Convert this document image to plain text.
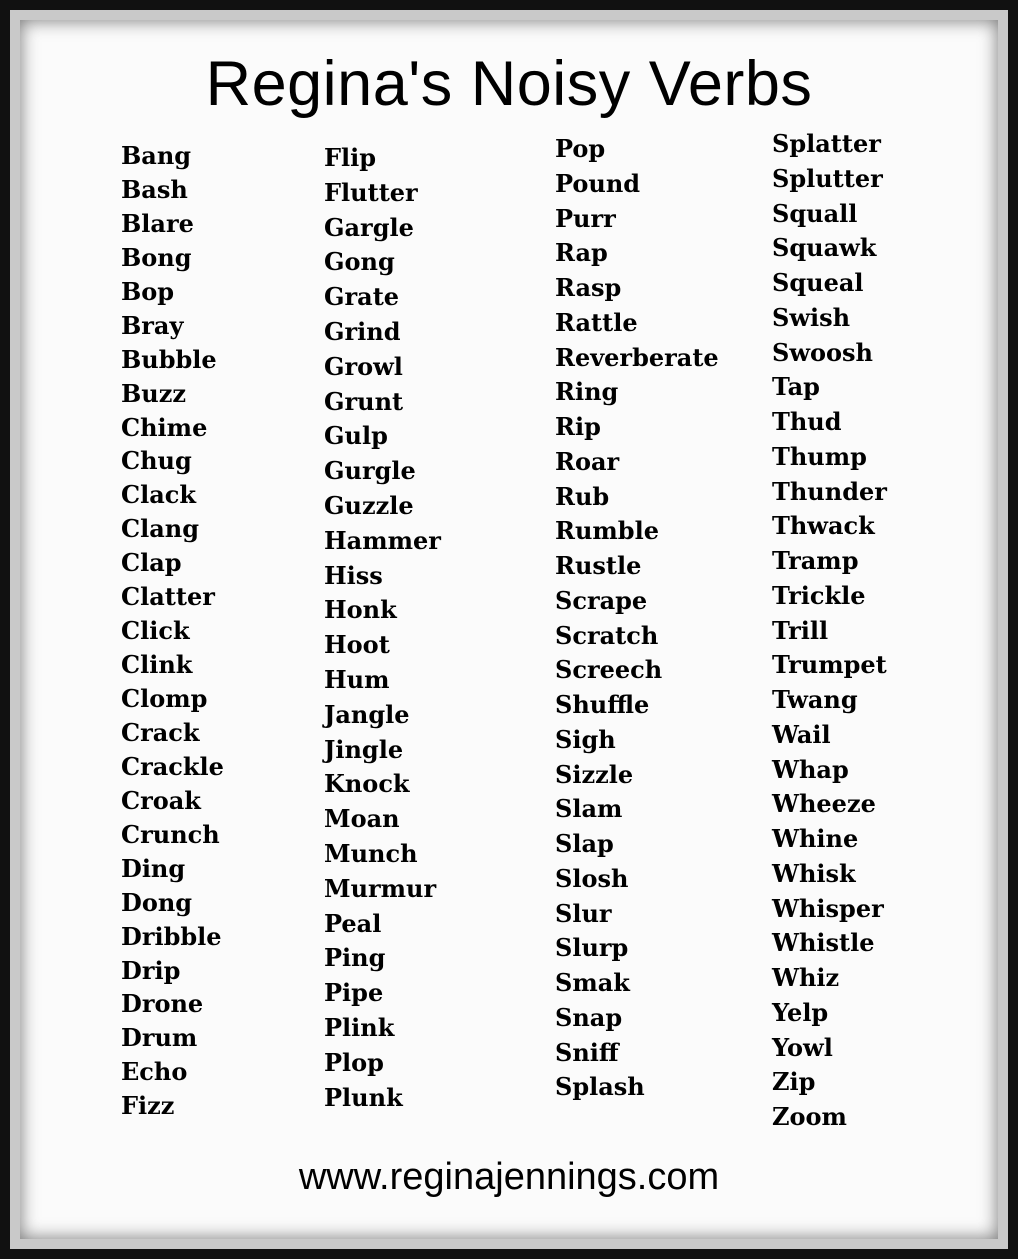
Regina's Noisy Verbs
Bang
Bash
Blare
Bong
Bop
Bray
Bubble
Buzz
Chime
Chug
Clack
Clang
Clap
Clatter
Click
Clink
Clomp
Crack
Crackle
Croak
Crunch
Ding
Dong
Dribble
Drip
Drone
Drum
Echo
Fizz
Flip
Flutter
Gargle
Gong
Grate
Grind
Growl
Grunt
Gulp
Gurgle
Guzzle
Hammer
Hiss
Honk
Hoot
Hum
Jangle
Jingle
Knock
Moan
Munch
Murmur
Peal
Ping
Pipe
Plink
Plop
Plunk
Pop
Pound
Purr
Rap
Rasp
Rattle
Reverberate
Ring
Rip
Roar
Rub
Rumble
Rustle
Scrape
Scratch
Screech
Shuffle
Sigh
Sizzle
Slam
Slap
Slosh
Slur
Slurp
Smak
Snap
Sniff
Splash
Splatter
Splutter
Squall
Squawk
Squeal
Swish
Swoosh
Tap
Thud
Thump
Thunder
Thwack
Tramp
Trickle
Trill
Trumpet
Twang
Wail
Whap
Wheeze
Whine
Whisk
Whisper
Whistle
Whiz
Yelp
Yowl
Zip
Zoom

www.reginajennings.com
